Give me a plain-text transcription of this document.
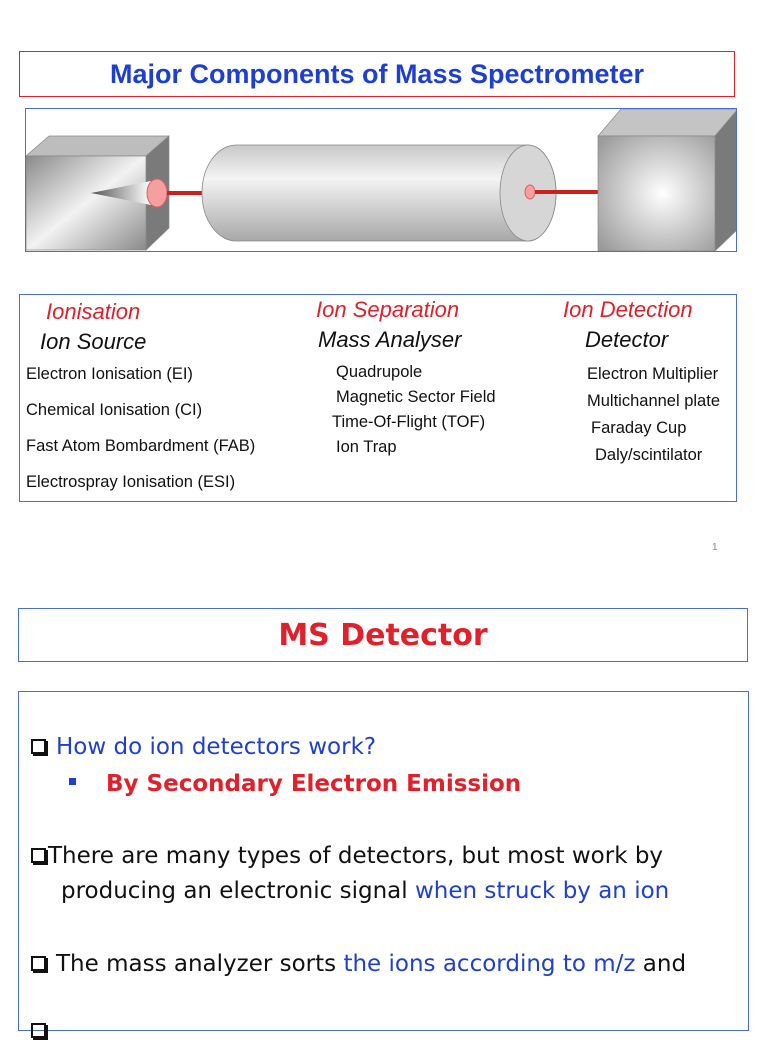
Major Components of Mass Spectrometer
Ionisation
Ion Source
Electron Ionisation (EI)
Chemical Ionisation (CI)
Fast Atom Bombardment (FAB)
Electrospray Ionisation (ESI)
Ion Separation
Mass Analyser
Quadrupole
Magnetic Sector Field
Time-Of-Flight (TOF)
Ion Trap
Ion Detection
Detector
Electron Multiplier
Multichannel plate
Faraday Cup
Daly/scintilator
1
MS Detector
How do ion detectors work?
By Secondary Electron Emission
There are many types of detectors, but most work by
producing an electronic signal when struck by an ion
The mass analyzer sorts the ions according to m/z and
